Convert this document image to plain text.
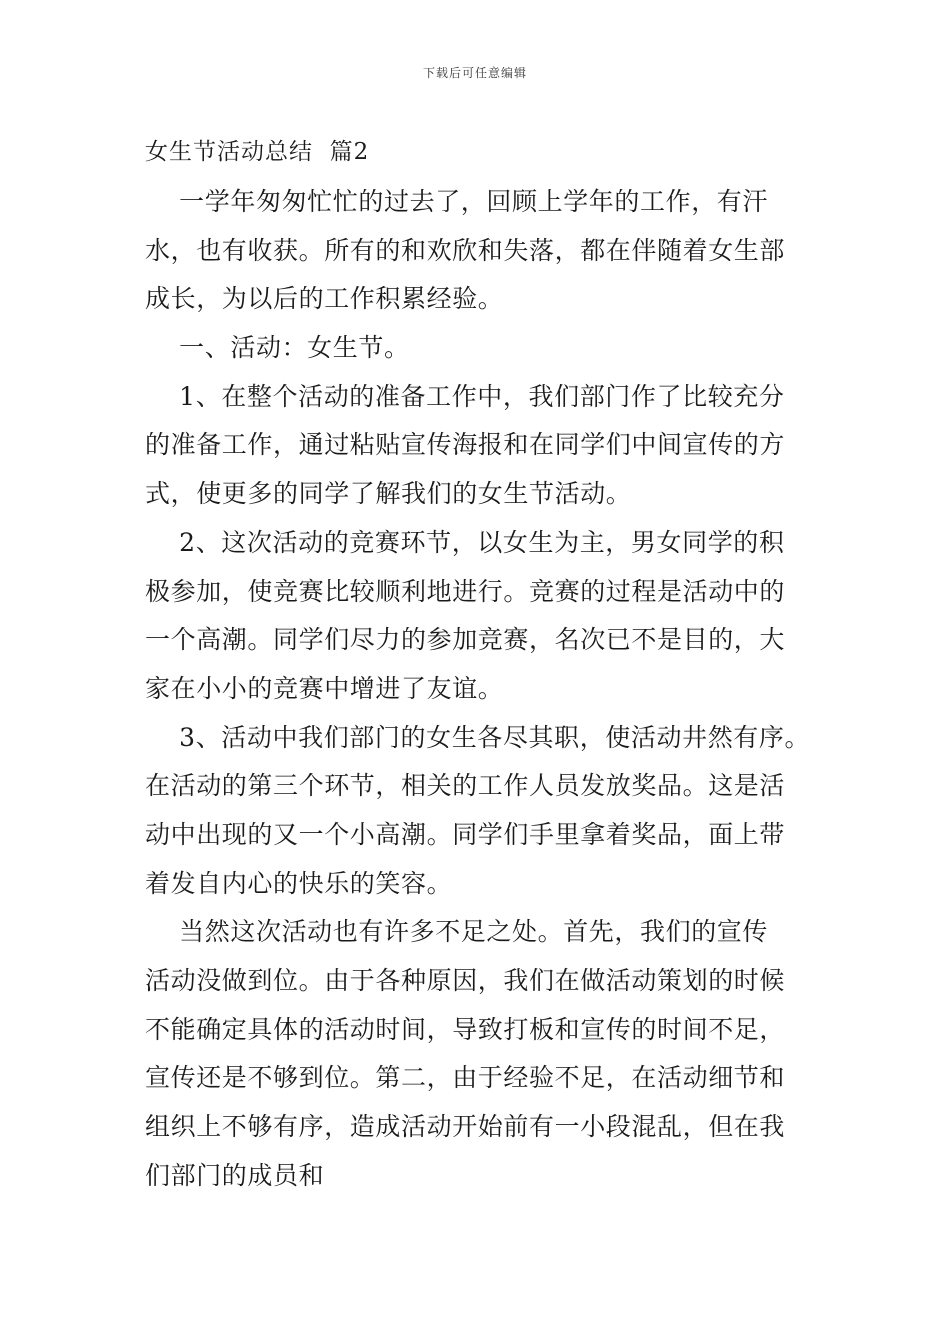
下载后可任意编辑
女生节活动总结  篇2
一学年匆匆忙忙的过去了，回顾上学年的工作，有汗
水，也有收获。所有的和欢欣和失落，都在伴随着女生部
成长，为以后的工作积累经验。
一、活动：女生节。
1、在整个活动的准备工作中，我们部门作了比较充分
的准备工作，通过粘贴宣传海报和在同学们中间宣传的方
式，使更多的同学了解我们的女生节活动。
2、这次活动的竞赛环节，以女生为主，男女同学的积
极参加，使竞赛比较顺利地进行。竞赛的过程是活动中的
一个高潮。同学们尽力的参加竞赛，名次已不是目的，大
家在小小的竞赛中增进了友谊。
3、活动中我们部门的女生各尽其职，使活动井然有序。
在活动的第三个环节，相关的工作人员发放奖品。这是活
动中出现的又一个小高潮。同学们手里拿着奖品，面上带
着发自内心的快乐的笑容。
当然这次活动也有许多不足之处。首先，我们的宣传
活动没做到位。由于各种原因，我们在做活动策划的时候
不能确定具体的活动时间，导致打板和宣传的时间不足，
宣传还是不够到位。第二，由于经验不足，在活动细节和
组织上不够有序，造成活动开始前有一小段混乱，但在我
们部门的成员和
